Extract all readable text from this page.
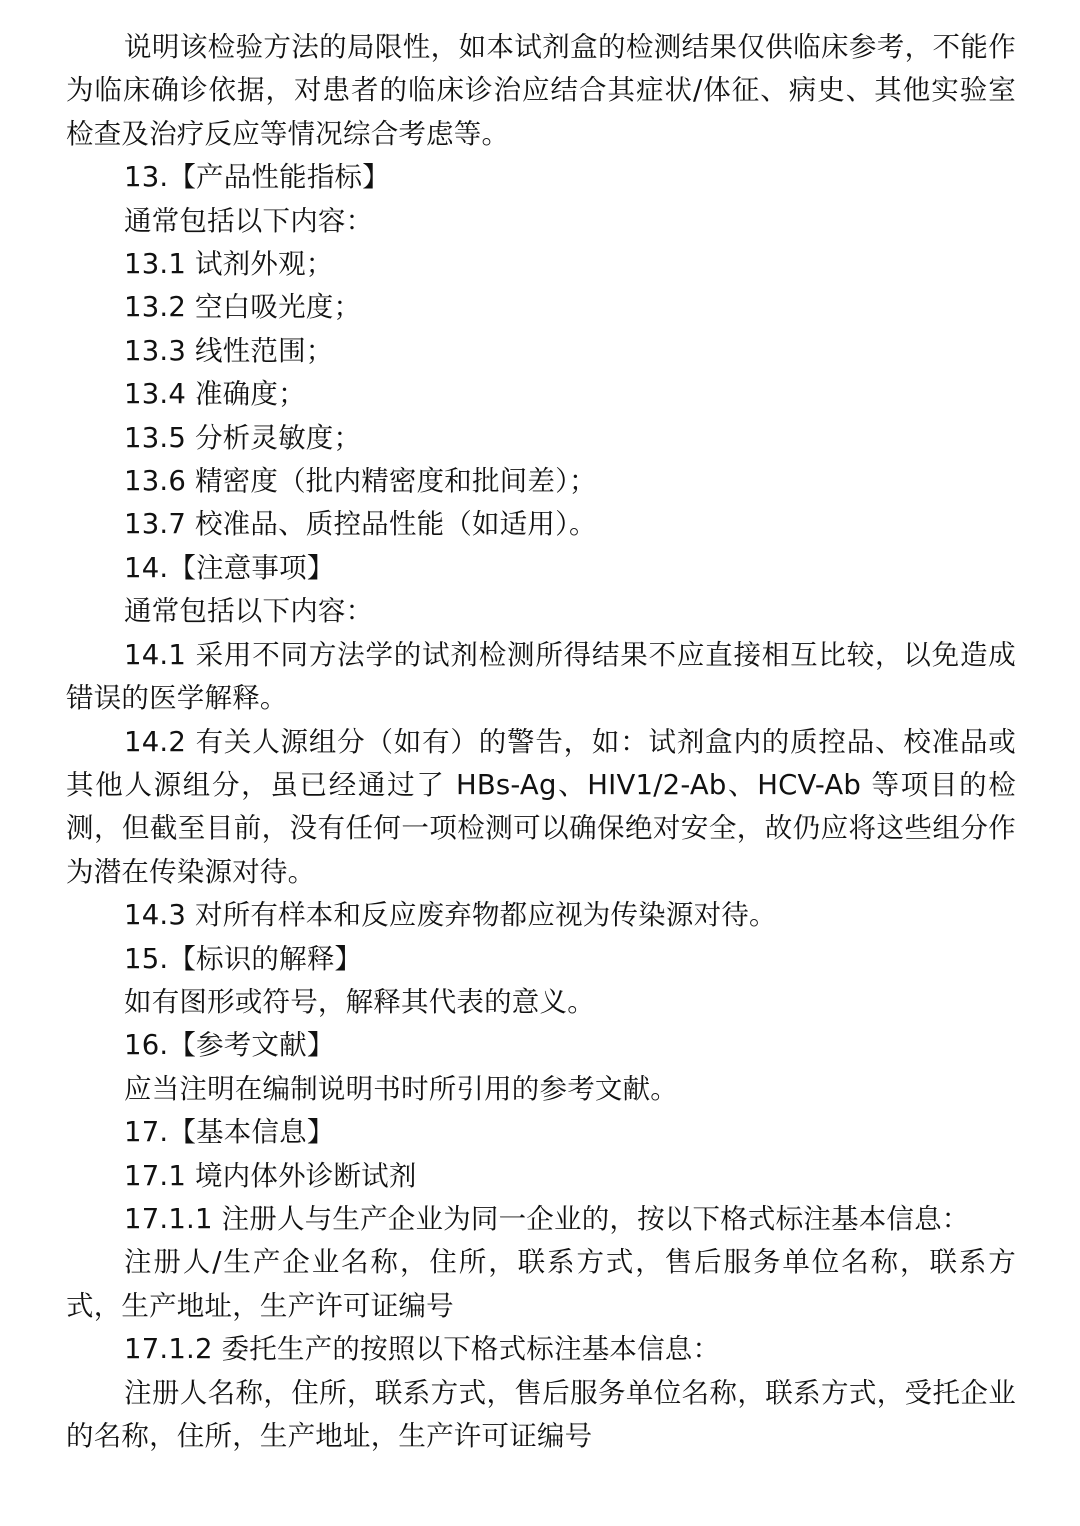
说明该检验方法的局限性，如本试剂盒的检测结果仅供临床参考，不能作为临床确诊依据，对患者的临床诊治应结合其症状/体征、病史、其他实验室检查及治疗反应等情况综合考虑等。

13.【产品性能指标】

通常包括以下内容：

13.1 试剂外观；

13.2 空白吸光度；

13.3 线性范围；

13.4 准确度；

13.5 分析灵敏度；

13.6 精密度（批内精密度和批间差）；

13.7 校准品、质控品性能（如适用）。

14.【注意事项】

通常包括以下内容：

14.1 采用不同方法学的试剂检测所得结果不应直接相互比较，以免造成错误的医学解释。

14.2 有关人源组分（如有）的警告，如：试剂盒内的质控品、校准品或其他人源组分，虽已经通过了 HBs-Ag、HIV1/2-Ab、HCV-Ab 等项目的检测，但截至目前，没有任何一项检测可以确保绝对安全，故仍应将这些组分作为潜在传染源对待。

14.3 对所有样本和反应废弃物都应视为传染源对待。

15.【标识的解释】

如有图形或符号，解释其代表的意义。

16.【参考文献】

应当注明在编制说明书时所引用的参考文献。

17.【基本信息】

17.1 境内体外诊断试剂

17.1.1 注册人与生产企业为同一企业的，按以下格式标注基本信息：

注册人/生产企业名称，住所，联系方式，售后服务单位名称，联系方式，生产地址，生产许可证编号

17.1.2 委托生产的按照以下格式标注基本信息：

注册人名称，住所，联系方式，售后服务单位名称，联系方式，受托企业的名称，住所，生产地址，生产许可证编号
